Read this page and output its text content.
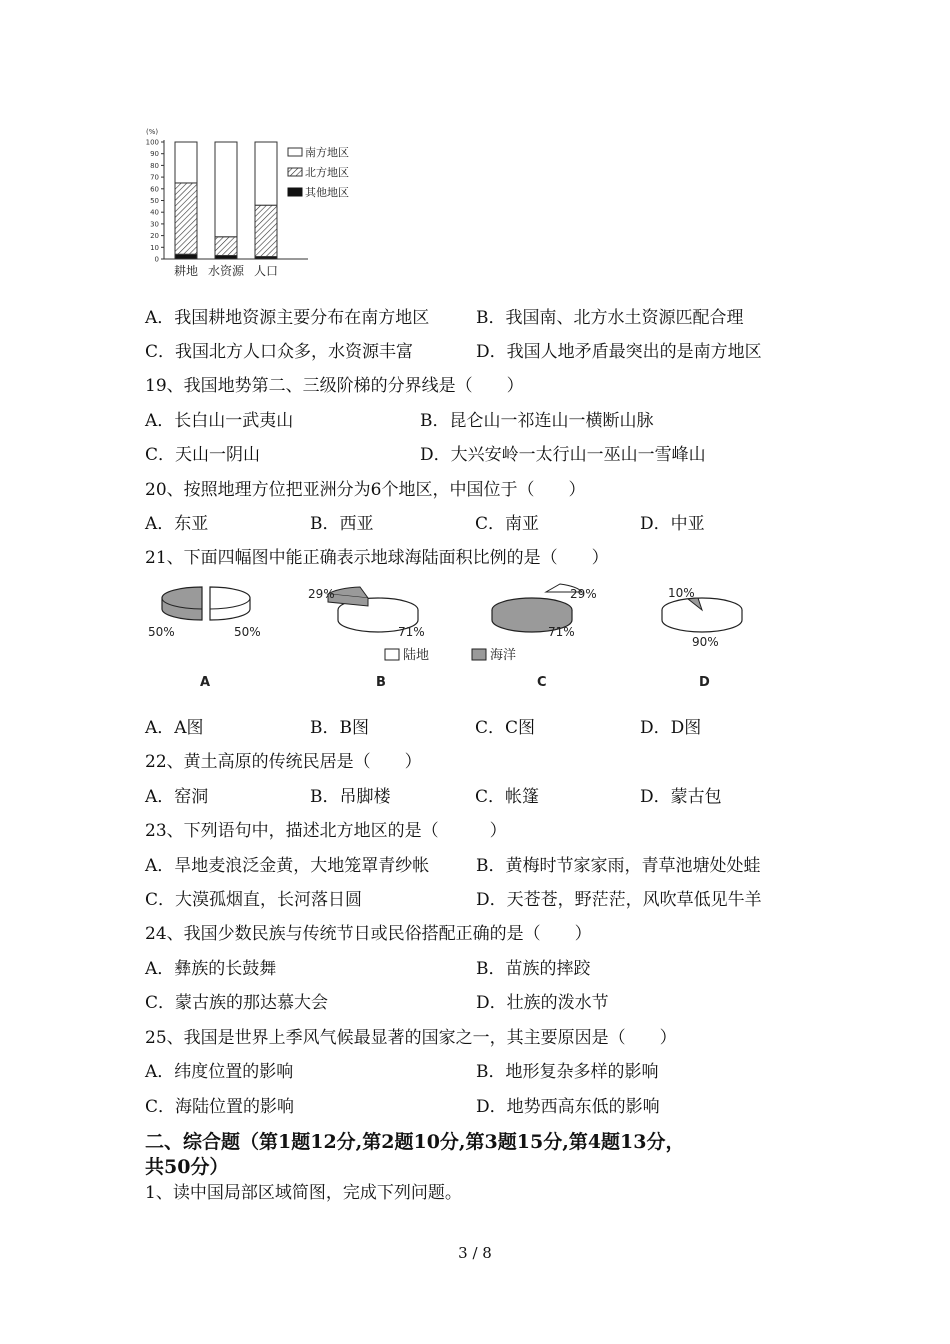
(%)
0
10
20
30
40
50
60
70
80
90
100
耕地 水资源 人口
南方地区
北方地区
其他地区
A．我国耕地资源主要分布在南方地区	B．我国南、北方水土资源匹配合理
C．我国北方人口众多，水资源丰富	D．我国人地矛盾最突出的是南方地区
19、我国地势第二、三级阶梯的分界线是（　　）
A．长白山一武夷山	B．昆仑山一祁连山一横断山脉
C．天山一阴山	D．大兴安岭一太行山一巫山一雪峰山
20、按照地理方位把亚洲分为6个地区，中国位于（　　）
A．东亚	B．西亚	C．南亚	D．中亚
21、下面四幅图中能正确表示地球海陆面积比例的是（　　）
50%	50%
A
29%
71%
B
71%
29%
C
10%
90%
D
陆地	海洋
A．A图	B．B图	C．C图	D．D图
22、黄土高原的传统民居是（　　）
A．窑洞	B．吊脚楼	C．帐篷	D．蒙古包
23、下列语句中，描述北方地区的是（　　　）
A．旱地麦浪泛金黄，大地笼罩青纱帐	B．黄梅时节家家雨，青草池塘处处蛙
C．大漠孤烟直，长河落日圆	D．天苍苍，野茫茫，风吹草低见牛羊
24、我国少数民族与传统节日或民俗搭配正确的是（　　）
A．彝族的长鼓舞	B．苗族的摔跤
C．蒙古族的那达慕大会	D．壮族的泼水节
25、我国是世界上季风气候最显著的国家之一，其主要原因是（　　）
A．纬度位置的影响	B．地形复杂多样的影响
C．海陆位置的影响	D．地势西高东低的影响
二、综合题（第1题12分,第2题10分,第3题15分,第4题13分，
共50分）
1、读中国局部区域简图，完成下列问题。
3 / 8
